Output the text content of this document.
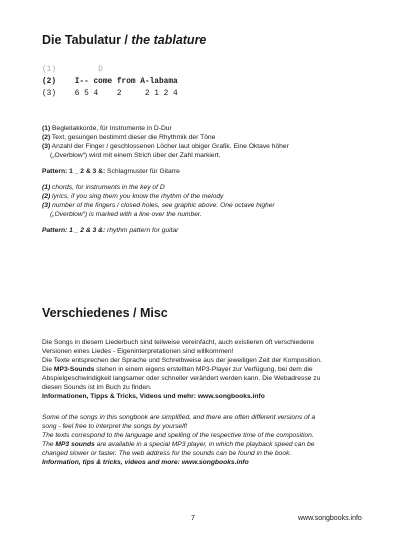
Die Tabulatur / the tablature
(1)         D
(2)    I-- come from A-labama
(3)    6 5 4    2     2 1 2 4
(1) Begleitakkorde, für Instrumente in D-Dur
(2) Text, gesungen bestimmt dieser die Rhythmik der Töne
(3) Anzahl der Finger / geschlossenen Löcher laut obiger Grafik. Eine Oktave höher
(„Overblow“) wird mit einem Strich über der Zahl markiert.
Pattern: 1 _ 2 & 3 &: Schlagmuster für Gitarre
(1) chords, for instruments in the key of D
(2) lyrics, if you sing them you know the rhythm of the melody
(3) number of the fingers / closed holes, see graphic above. One octave higher
(„Overblow“) is marked with a line over the number.
Pattern: 1 _ 2 & 3 &: rhythm pattern for guitar
Verschiedenes / Misc
Die Songs in diesem Liederbuch sind teilweise vereinfacht, auch existieren oft verschiedene
Versionen eines Liedes - Eigeninterpretationen sind willkommen!
Die Texte entsprechen der Sprache und Schreibweise aus der jeweiligen Zeit der Komposition.
Die MP3-Sounds stehen in einem eigens erstellten MP3-Player zur Verfügung, bei dem die
Abspielgeschwindigkeit langsamer oder schneller verändert werden kann. Die Webadresse zu
diesen Sounds ist im Buch zu finden.
Informationen, Tipps & Tricks, Videos und mehr: www.songbooks.info
Some of the songs in this songbook are simplified, and there are often different versions of a
song - feel free to interpret the songs by yourself!
The texts correspond to the language and spelling of the respective time of the composition.
The MP3 sounds are available in a special MP3 player, in which the playback speed can be
changed slower or faster. The web address for the sounds can be found in the book.
Information, tips & tricks, videos and more: www.songbooks.info
7	www.songbooks.info
